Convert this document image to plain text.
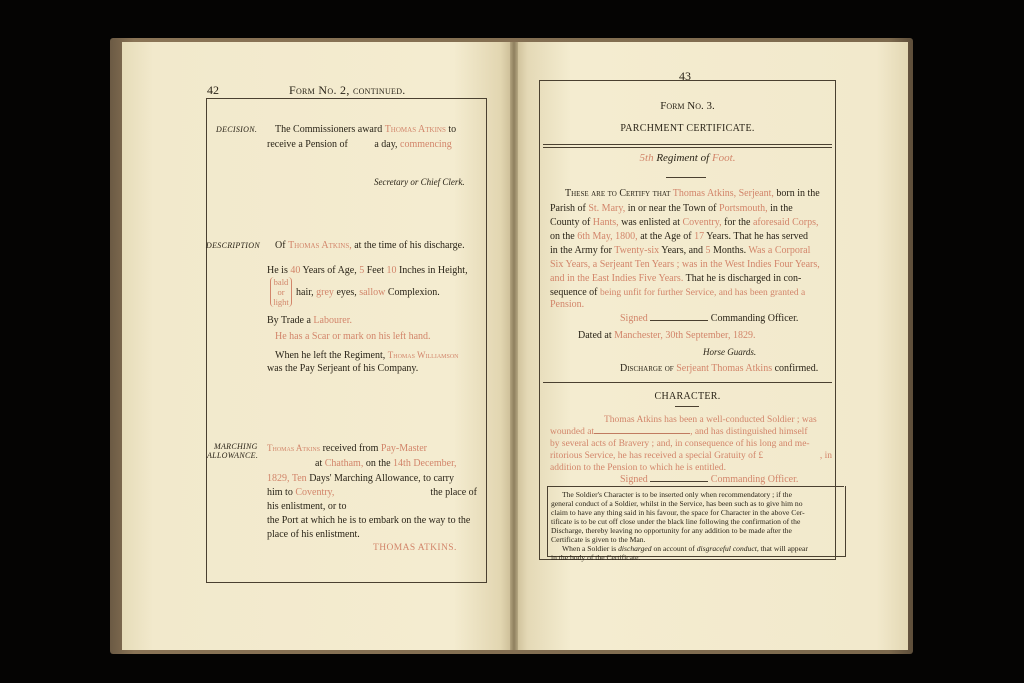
42	Form No. 2, continued.
DECISION. The Commissioners award Thomas Atkins to
receive a Pension of	a day, commencing
Secretary or Chief Clerk.
DESCRIPTION Of Thomas Atkins, at the time of his discharge.
He is 40 Years of Age, 5 Feet 10 Inches in Height,
bald
or
light
hair, grey eyes, sallow Complexion.
By Trade a Labourer.
He has a Scar or mark on his left hand.
When he left the Regiment, Thomas Williamson
was the Pay Serjeant of his Company.
MARCHING
ALLOWANCE.
Thomas Atkins received from Pay-Master
at Chatham, on the 14th December,
1829, Ten Days' Marching Allowance, to carry
him to Coventry,	the place of
his enlistment, or to
the Port at which he is to embark on the way to the
place of his enlistment.
THOMAS ATKINS.
43
Form No. 3.
PARCHMENT CERTIFICATE.
5th Regiment of Foot.
These are to Certify that Thomas Atkins, Serjeant, born in the
Parish of St. Mary, in or near the Town of Portsmouth, in the
County of Hants, was enlisted at Coventry, for the aforesaid Corps,
on the 6th May, 1800, at the Age of 17 Years. That he has served
in the Army for Twenty-six Years, and 5 Months. Was a Corporal
Six Years, a Serjeant Ten Years ; was in the West Indies Four Years,
and in the East Indies Five Years. That he is discharged in con-
sequence of being unfit for further Service, and has been granted a
Pension.
Signed	Commanding Officer.
Dated at Manchester, 30th September, 1829.
Horse Guards.
Discharge of Serjeant Thomas Atkins confirmed.
CHARACTER.
Thomas Atkins has been a well-conducted Soldier ; was
wounded at	, and has distinguished himself
by several acts of Bravery ; and, in consequence of his long and me-
ritorious Service, he has received a special Gratuity of £	, in
addition to the Pension to which he is entitled.
Signed	Commanding Officer.
The Soldier's Character is to be inserted only when recommendatory ; if the
general conduct of a Soldier, whilst in the Service, has been such as to give him no
claim to have any thing said in his favour, the space for Character in the above Cer-
tificate is to be cut off close under the black line following the confirmation of the
Discharge, thereby leaving no opportunity for any addition to be made after the
Certificate is given to the Man.
When a Soldier is discharged on account of disgraceful conduct, that will appear
in the body of the Certificate.
